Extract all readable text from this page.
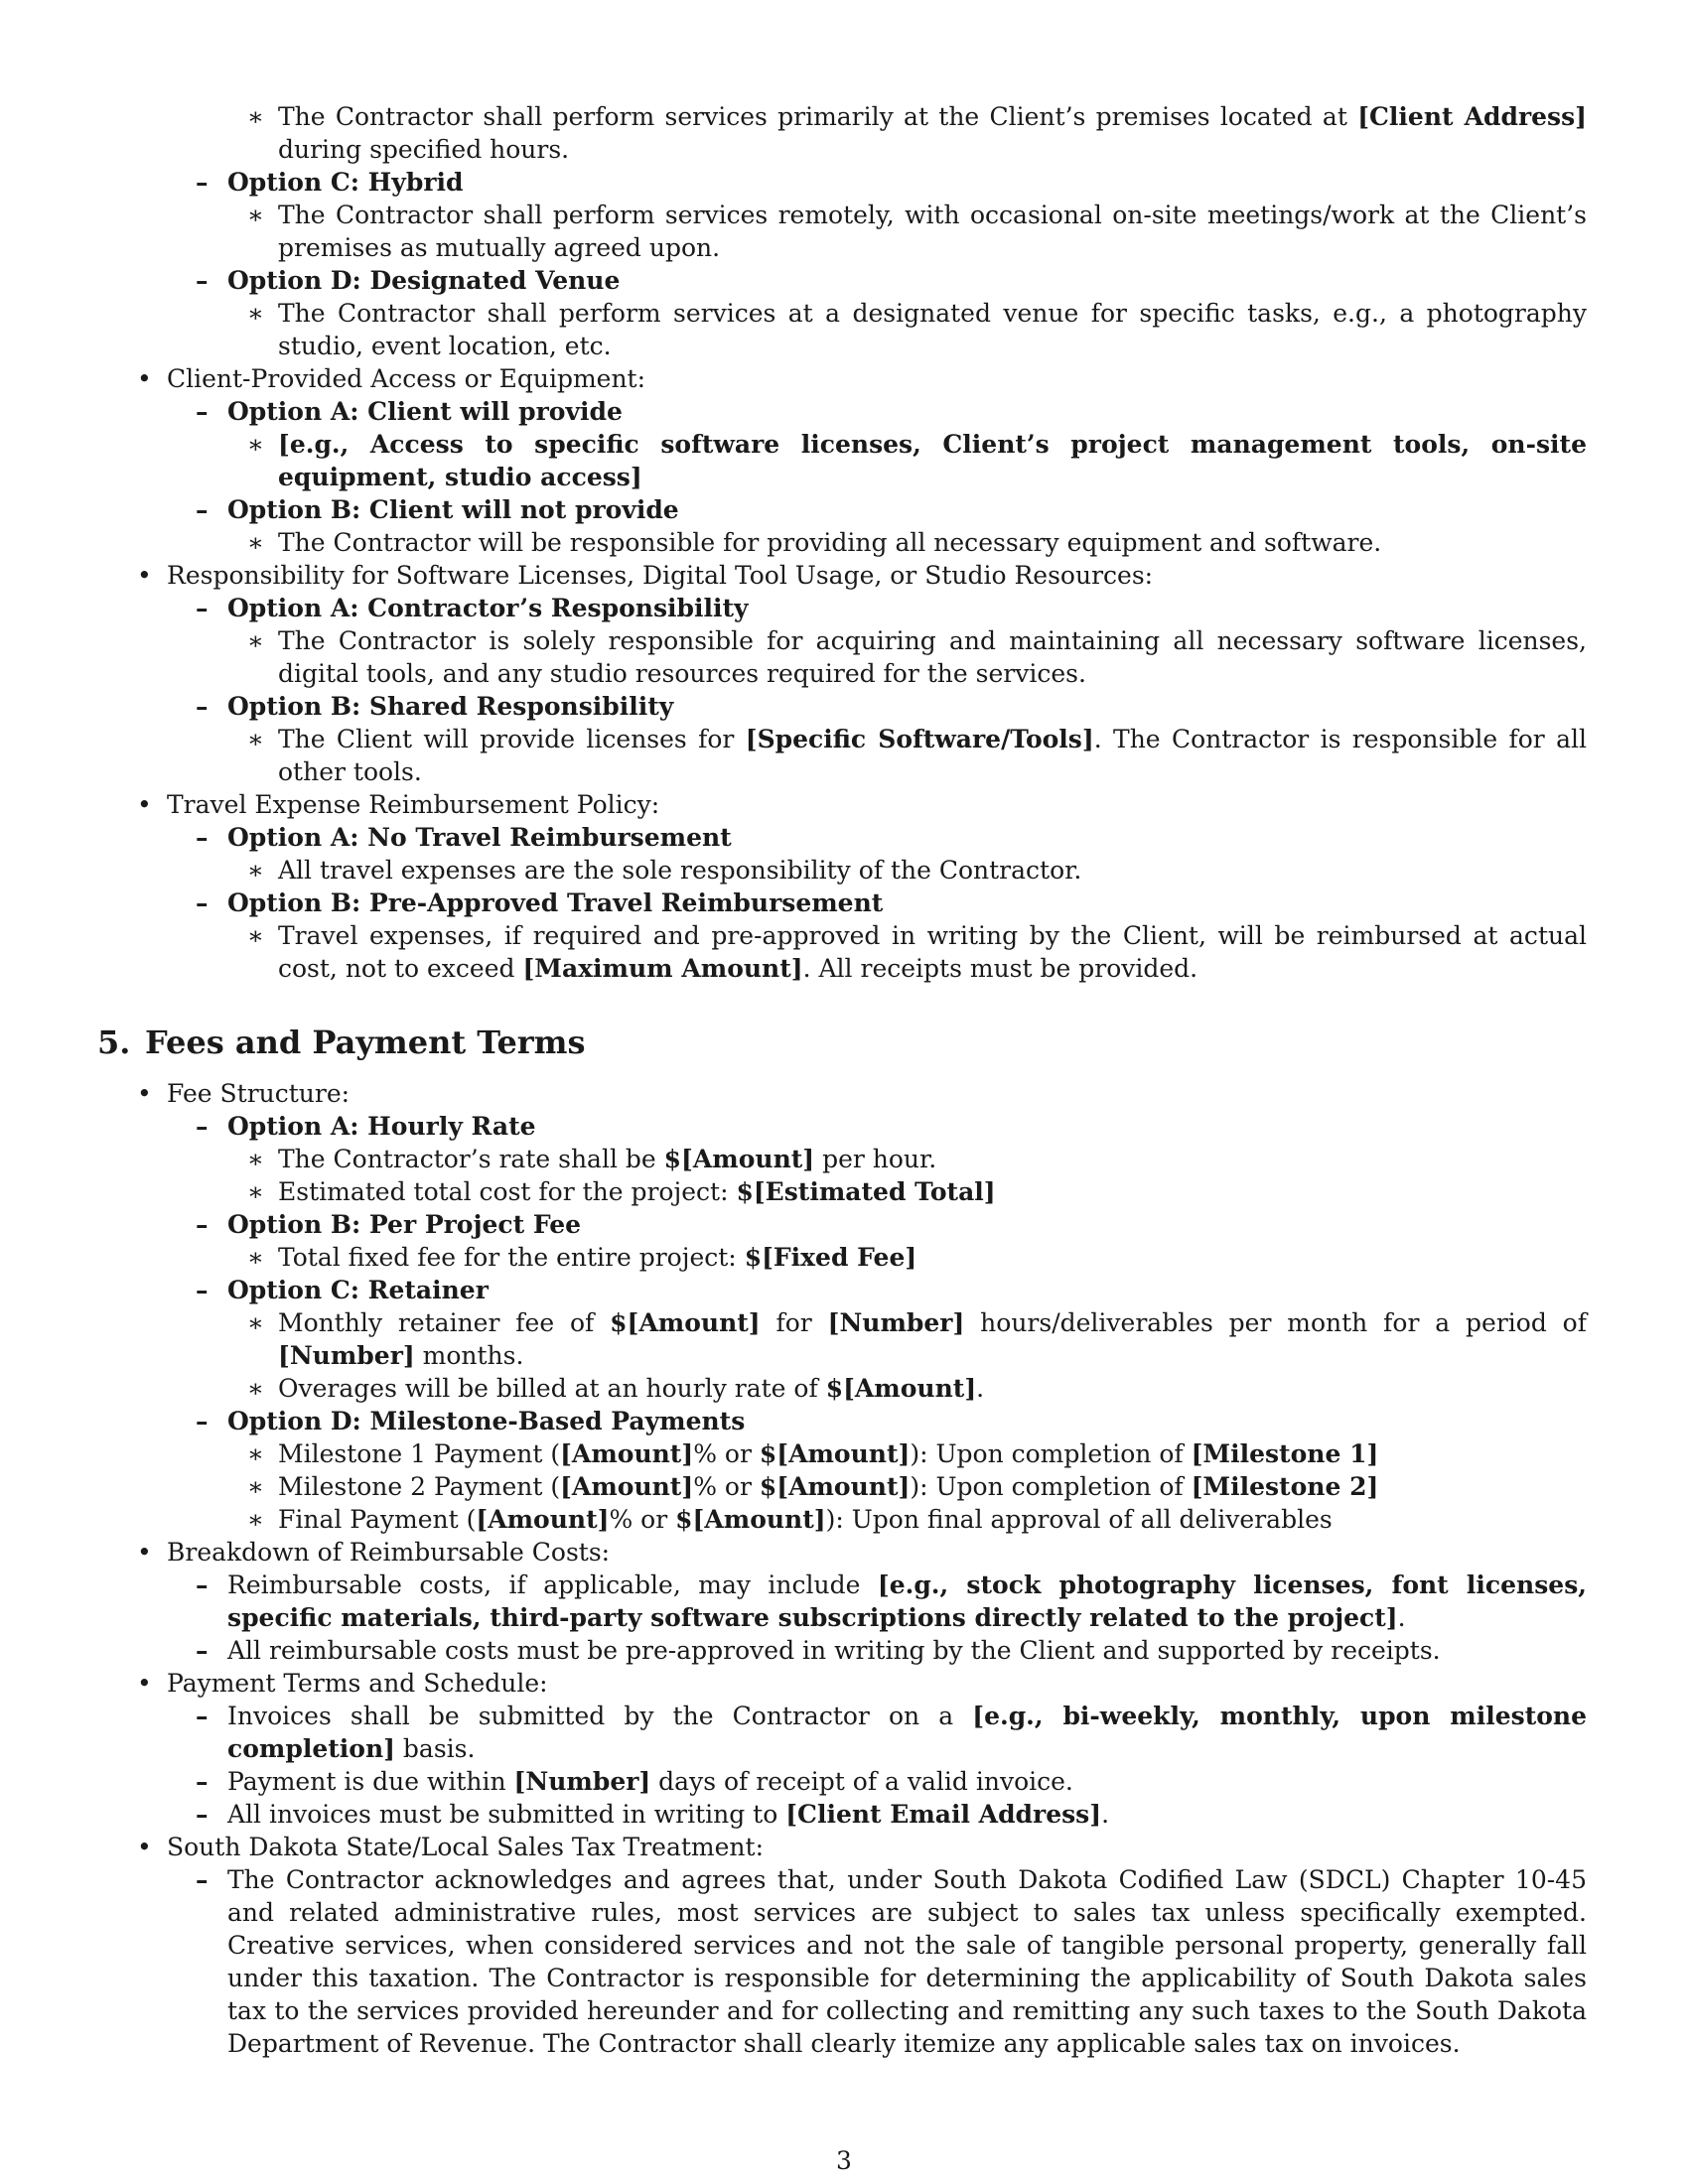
∗ The Contractor shall perform services primarily at the Client’s premises located at [Client Address] during specified hours.
– Option C: Hybrid
∗ The Contractor shall perform services remotely, with occasional on-site meetings/work at the Client’s premises as mutually agreed upon.
– Option D: Designated Venue
∗ The Contractor shall perform services at a designated venue for specific tasks, e.g., a photography studio, event location, etc.
• Client-Provided Access or Equipment:
– Option A: Client will provide
∗ [e.g., Access to specific software licenses, Client’s project management tools, on-site equipment, studio access]
– Option B: Client will not provide
∗ The Contractor will be responsible for providing all necessary equipment and software.
• Responsibility for Software Licenses, Digital Tool Usage, or Studio Resources:
– Option A: Contractor’s Responsibility
∗ The Contractor is solely responsible for acquiring and maintaining all necessary software licenses, digital tools, and any studio resources required for the services.
– Option B: Shared Responsibility
∗ The Client will provide licenses for [Specific Software/Tools]. The Contractor is responsible for all other tools.
• Travel Expense Reimbursement Policy:
– Option A: No Travel Reimbursement
∗ All travel expenses are the sole responsibility of the Contractor.
– Option B: Pre-Approved Travel Reimbursement
∗ Travel expenses, if required and pre-approved in writing by the Client, will be reimbursed at actual cost, not to exceed [Maximum Amount]. All receipts must be provided.
5. Fees and Payment Terms
• Fee Structure:
– Option A: Hourly Rate
∗ The Contractor’s rate shall be $[Amount] per hour.
∗ Estimated total cost for the project: $[Estimated Total]
– Option B: Per Project Fee
∗ Total fixed fee for the entire project: $[Fixed Fee]
– Option C: Retainer
∗ Monthly retainer fee of $[Amount] for [Number] hours/deliverables per month for a period of [Number] months.
∗ Overages will be billed at an hourly rate of $[Amount].
– Option D: Milestone-Based Payments
∗ Milestone 1 Payment ([Amount]% or $[Amount]): Upon completion of [Milestone 1]
∗ Milestone 2 Payment ([Amount]% or $[Amount]): Upon completion of [Milestone 2]
∗ Final Payment ([Amount]% or $[Amount]): Upon final approval of all deliverables
• Breakdown of Reimbursable Costs:
– Reimbursable costs, if applicable, may include [e.g., stock photography licenses, font licenses, specific materials, third-party software subscriptions directly related to the project].
– All reimbursable costs must be pre-approved in writing by the Client and supported by receipts.
• Payment Terms and Schedule:
– Invoices shall be submitted by the Contractor on a [e.g., bi-weekly, monthly, upon milestone completion] basis.
– Payment is due within [Number] days of receipt of a valid invoice.
– All invoices must be submitted in writing to [Client Email Address].
• South Dakota State/Local Sales Tax Treatment:
– The Contractor acknowledges and agrees that, under South Dakota Codified Law (SDCL) Chapter 10-45 and related administrative rules, most services are subject to sales tax unless specifically exempted. Creative services, when considered services and not the sale of tangible personal property, generally fall under this taxation. The Contractor is responsible for determining the applicability of South Dakota sales tax to the services provided hereunder and for collecting and remitting any such taxes to the South Dakota Department of Revenue. The Contractor shall clearly itemize any applicable sales tax on invoices.
3
